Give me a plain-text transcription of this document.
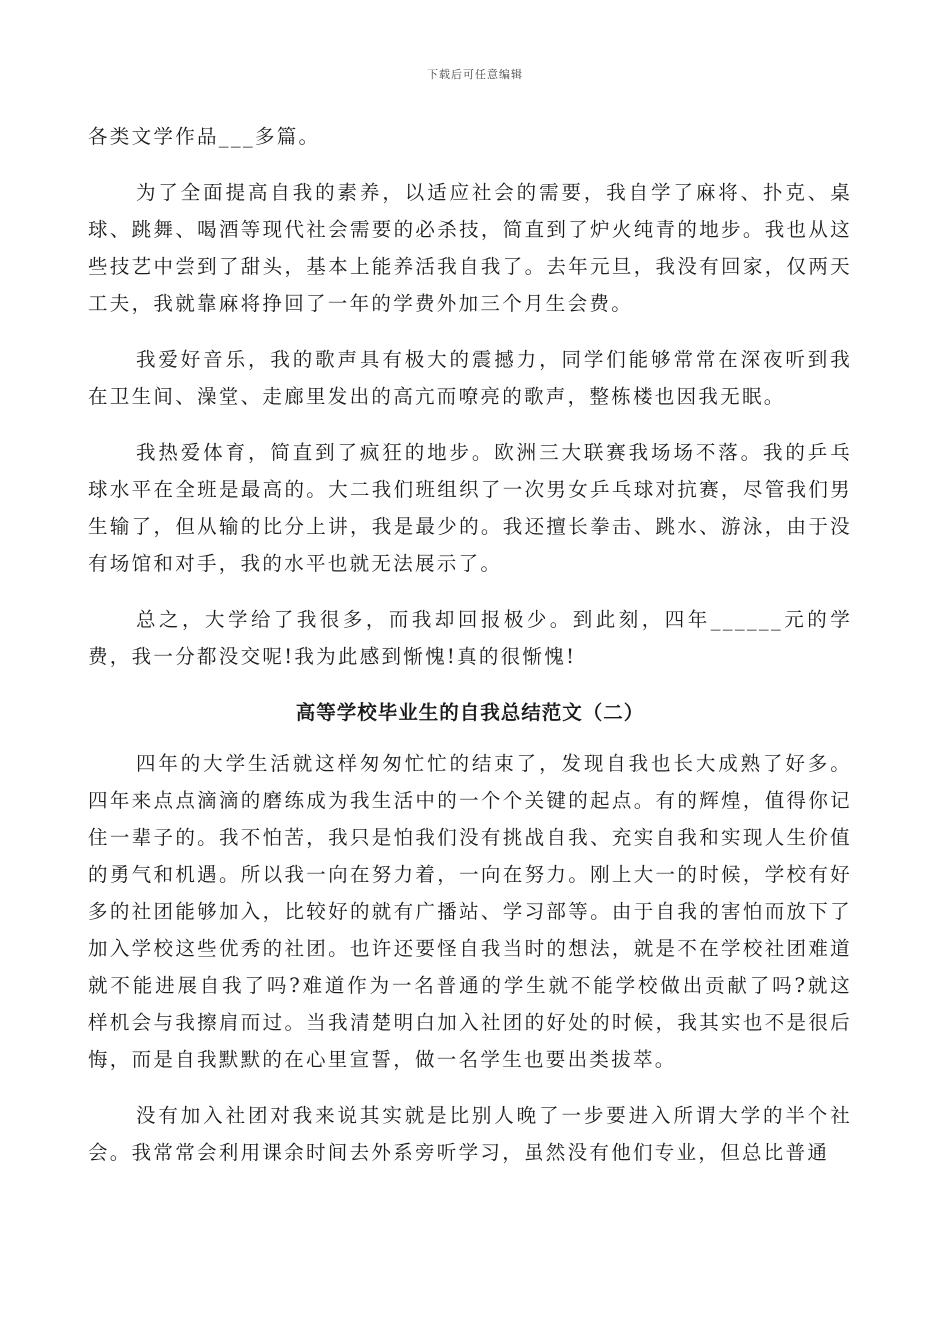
下载后可任意编辑

各类文学作品___多篇。

为了全面提高自我的素养，以适应社会的需要，我自学了麻将、扑克、桌球、跳舞、喝酒等现代社会需要的必杀技，简直到了炉火纯青的地步。我也从这些技艺中尝到了甜头，基本上能养活我自我了。去年元旦，我没有回家，仅两天工夫，我就靠麻将挣回了一年的学费外加三个月生会费。

我爱好音乐，我的歌声具有极大的震撼力，同学们能够常常在深夜听到我在卫生间、澡堂、走廊里发出的高亢而嘹亮的歌声，整栋楼也因我无眠。

我热爱体育，简直到了疯狂的地步。欧洲三大联赛我场场不落。我的乒乓球水平在全班是最高的。大二我们班组织了一次男女乒乓球对抗赛，尽管我们男生输了，但从输的比分上讲，我是最少的。我还擅长拳击、跳水、游泳，由于没有场馆和对手，我的水平也就无法展示了。

总之，大学给了我很多，而我却回报极少。到此刻，四年______元的学费，我一分都没交呢!我为此感到惭愧!真的很惭愧!

高等学校毕业生的自我总结范文（二）

四年的大学生活就这样匆匆忙忙的结束了，发现自我也长大成熟了好多。四年来点点滴滴的磨练成为我生活中的一个个关键的起点。有的辉煌，值得你记住一辈子的。我不怕苦，我只是怕我们没有挑战自我、充实自我和实现人生价值的勇气和机遇。所以我一向在努力着，一向在努力。刚上大一的时候，学校有好多的社团能够加入，比较好的就有广播站、学习部等。由于自我的害怕而放下了加入学校这些优秀的社团。也许还要怪自我当时的想法，就是不在学校社团难道就不能进展自我了吗?难道作为一名普通的学生就不能学校做出贡献了吗?就这样机会与我擦肩而过。当我清楚明白加入社团的好处的时候，我其实也不是很后悔，而是自我默默的在心里宣誓，做一名学生也要出类拔萃。

没有加入社团对我来说其实就是比别人晚了一步要进入所谓大学的半个社会。我常常会利用课余时间去外系旁听学习，虽然没有他们专业，但总比普通
